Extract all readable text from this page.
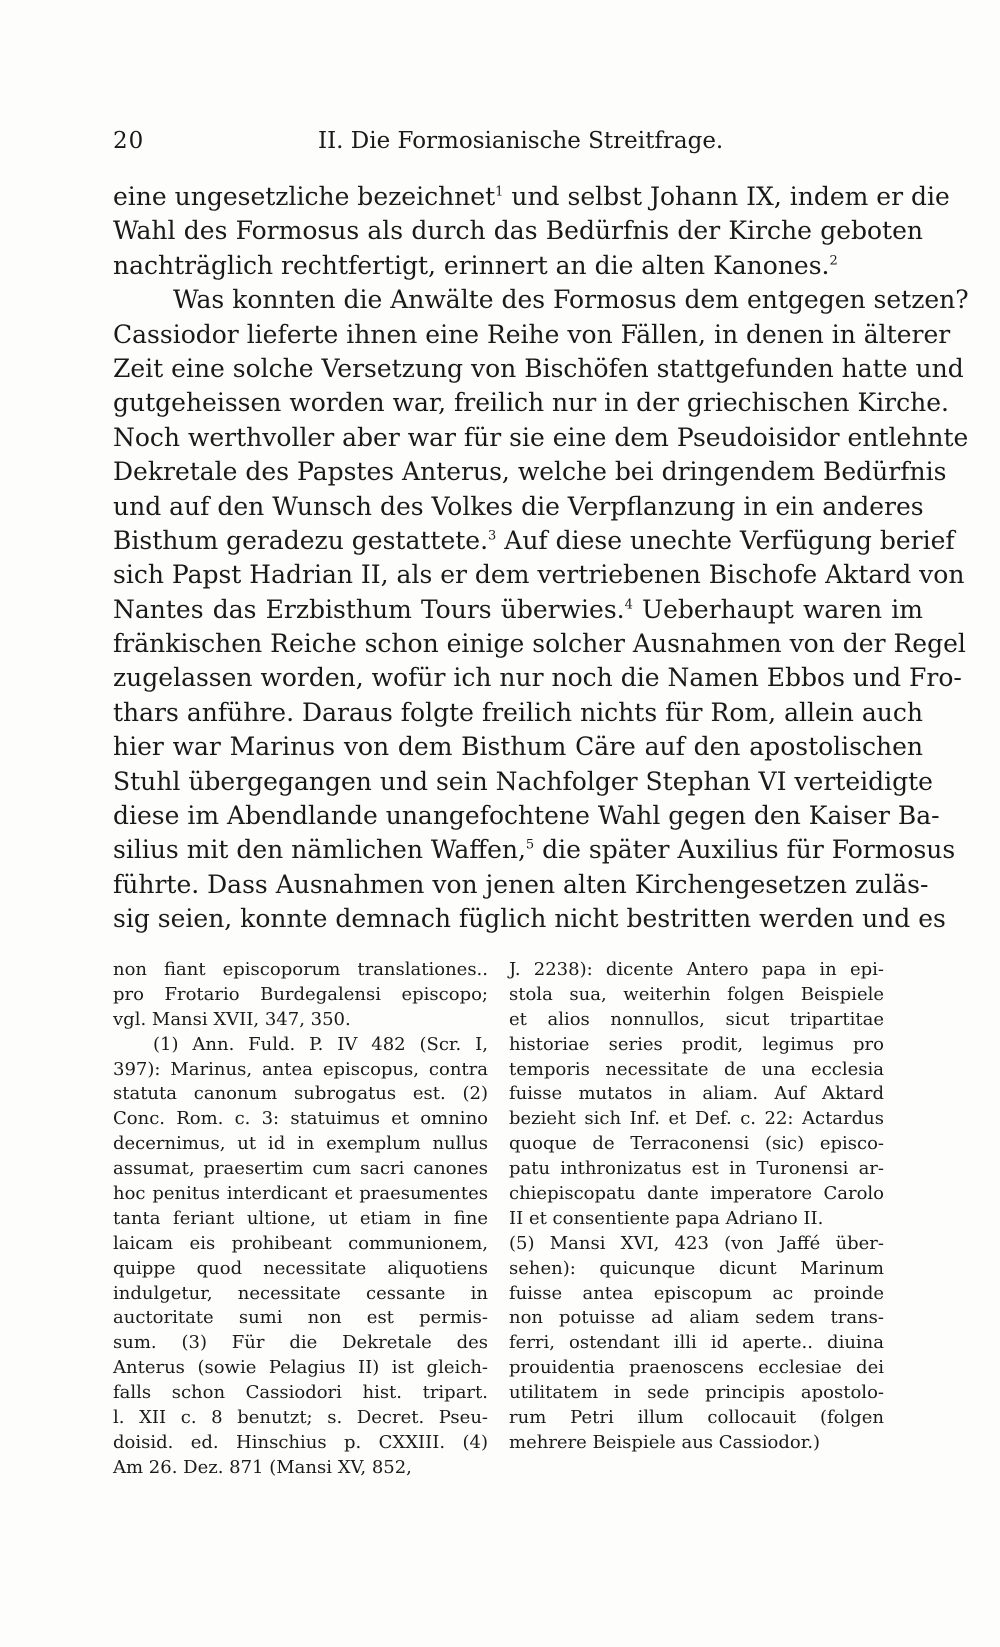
20	II. Die Formosianische Streitfrage.
eine ungesetzliche bezeichnet$^1$ und selbst Johann IX, indem er die
Wahl des Formosus als durch das Bedürfnis der Kirche geboten
nachträglich rechtfertigt, erinnert an die alten Kanones.$^2$
Was konnten die Anwälte des Formosus dem entgegen setzen?
Cassiodor lieferte ihnen eine Reihe von Fällen, in denen in älterer
Zeit eine solche Versetzung von Bischöfen stattgefunden hatte und
gutgeheissen worden war, freilich nur in der griechischen Kirche.
Noch werthvoller aber war für sie eine dem Pseudoisidor entlehnte
Dekretale des Papstes Anterus, welche bei dringendem Bedürfnis
und auf den Wunsch des Volkes die Verpflanzung in ein anderes
Bisthum geradezu gestattete.$^3$ Auf diese unechte Verfügung berief
sich Papst Hadrian II, als er dem vertriebenen Bischofe Aktard von
Nantes das Erzbisthum Tours überwies.$^4$ Ueberhaupt waren im
fränkischen Reiche schon einige solcher Ausnahmen von der Regel
zugelassen worden, wofür ich nur noch die Namen Ebbos und Fro-
thars anführe. Daraus folgte freilich nichts für Rom, allein auch
hier war Marinus von dem Bisthum Cäre auf den apostolischen
Stuhl übergegangen und sein Nachfolger Stephan VI verteidigte
diese im Abendlande unangefochtene Wahl gegen den Kaiser Ba-
silius mit den nämlichen Waffen,$^5$ die später Auxilius für Formosus
führte. Dass Ausnahmen von jenen alten Kirchengesetzen zuläs-
sig seien, konnte demnach füglich nicht bestritten werden und es
non fiant episcoporum translationes..
pro Frotario Burdegalensi episcopo;
vgl. Mansi XVII, 347, 350.
(1) Ann. Fuld. P. IV 482 (Scr. I,
397): Marinus, antea episcopus, contra
statuta canonum subrogatus est. (2)
Conc. Rom. c. 3: statuimus et omnino
decernimus, ut id in exemplum nullus
assumat, praesertim cum sacri canones
hoc penitus interdicant et praesumentes
tanta feriant ultione, ut etiam in fine
laicam eis prohibeant communionem,
quippe quod necessitate aliquotiens
indulgetur, necessitate cessante in
auctoritate sumi non est permis-
sum. (3) Für die Dekretale des
Anterus (sowie Pelagius II) ist gleich-
falls schon Cassiodori hist. tripart.
l. XII c. 8 benutzt; s. Decret. Pseu-
doisid. ed. Hinschius p. CXXIII. (4)
Am 26. Dez. 871 (Mansi XV, 852,
J. 2238): dicente Antero papa in epi-
stola sua, weiterhin folgen Beispiele
et alios nonnullos, sicut tripartitae
historiae series prodit, legimus pro
temporis necessitate de una ecclesia
fuisse mutatos in aliam. Auf Aktard
bezieht sich Inf. et Def. c. 22: Actardus
quoque de Terraconensi (sic) episco-
patu inthronizatus est in Turonensi ar-
chiepiscopatu dante imperatore Carolo
II et consentiente papa Adriano II.
(5) Mansi XVI, 423 (von Jaffé über-
sehen): quicunque dicunt Marinum
fuisse antea episcopum ac proinde
non potuisse ad aliam sedem trans-
ferri, ostendant illi id aperte.. diuina
prouidentia praenoscens ecclesiae dei
utilitatem in sede principis apostolo-
rum Petri illum collocauit (folgen
mehrere Beispiele aus Cassiodor.)
